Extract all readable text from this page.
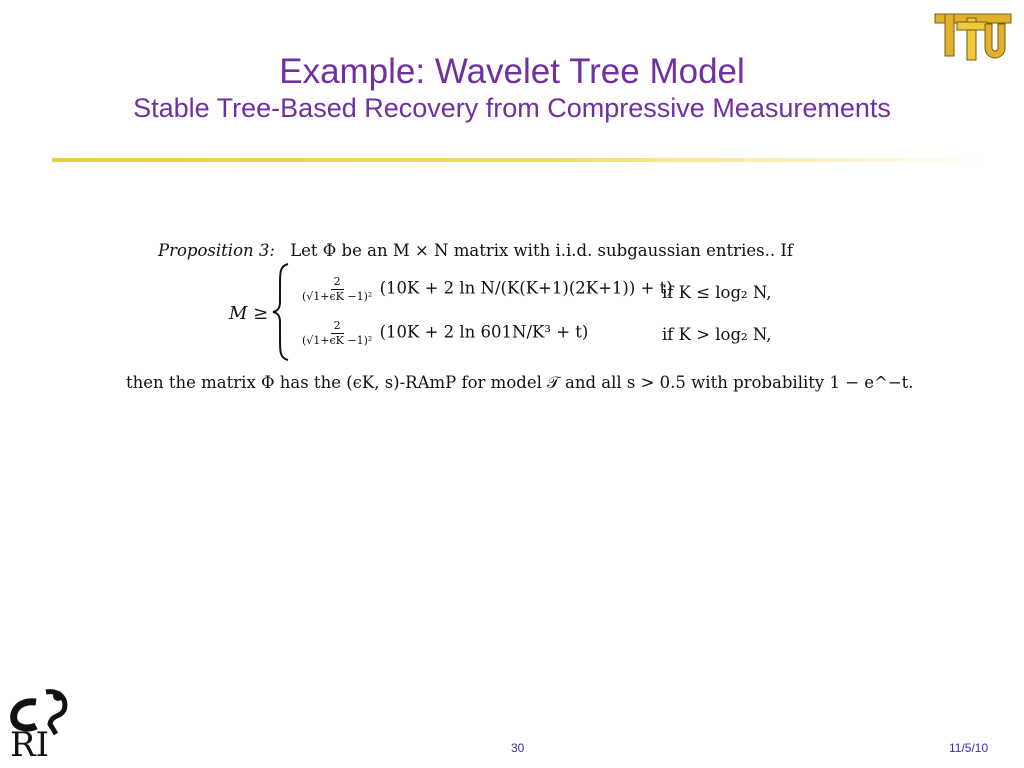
Example: Wavelet Tree Model
Stable Tree-Based Recovery from Compressive Measurements
Proposition 3: Let Φ be an M × N matrix with i.i.d. subgaussian entries.. If
M ≥
$\frac{2}{\text{(√1+ϵK −1)²}} (10K + 2$ ln N/(K(K+1)(2K+1)) + t)
if K ≤ log₂ N,
$\frac{2}{\text{(√1+ϵK −1)²}} (10K + 2$ ln 601N/K³ + t)	if K > log₂ N,
then the matrix Φ has the (ϵK, s)-RAmP for model 𝒯 and all s > 0.5 with probability 1 − e^−t.
RI	30	11/5/10
